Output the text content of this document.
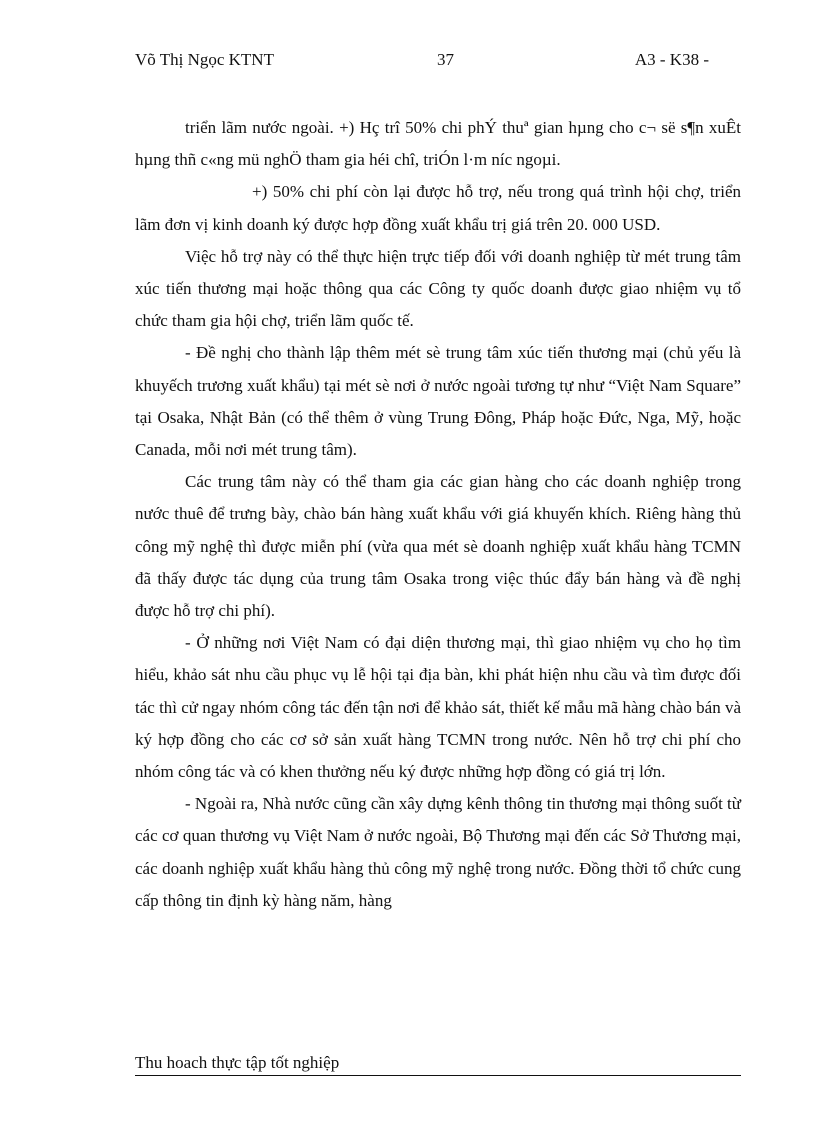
Võ Thị Ngọc KTNT	37	A3 - K38 -

triển lãm nước ngoài. +) Hç trî 50% chi phÝ thuª gian hµng cho c¬ së s¶n xuÊt hµng thñ c«ng mü nghÖ tham gia héi chî, triÓn l·m níc ngoµi.

+) 50% chi phí còn lại được hỗ trợ, nếu trong quá trình hội chợ, triển lãm đơn vị kinh doanh ký được hợp đồng xuất khẩu trị giá trên 20. 000 USD.

Việc hỗ trợ này có thể thực hiện trực tiếp đối với doanh nghiệp từ mét trung tâm xúc tiến thương mại hoặc thông qua các Công ty quốc doanh được giao nhiệm vụ tổ chức tham gia hội chợ, triển lãm quốc tế.

- Đề nghị cho thành lập thêm mét sè trung tâm xúc tiến thương mại (chủ yếu là khuyếch trương xuất khẩu) tại mét sè nơi ở nước ngoài tương tự như “Việt Nam Square” tại Osaka, Nhật Bản (có thể thêm ở vùng Trung Đông, Pháp hoặc Đức, Nga, Mỹ, hoặc Canada, mỗi nơi mét trung tâm).

Các trung tâm này có thể tham gia các gian hàng cho các doanh nghiệp trong nước thuê để trưng bày, chào bán hàng xuất khẩu với giá khuyến khích. Riêng hàng thủ công mỹ nghệ thì được miễn phí (vừa qua mét sè doanh nghiệp xuất khẩu hàng TCMN đã thấy được tác dụng của trung tâm Osaka trong việc thúc đẩy bán hàng và đề nghị được hỗ trợ chi phí).

- Ở những nơi Việt Nam có đại diện thương mại, thì giao nhiệm vụ cho họ tìm hiểu, khảo sát nhu cầu phục vụ lễ hội tại địa bàn, khi phát hiện nhu cầu và tìm được đối tác thì cử ngay nhóm công tác đến tận nơi để khảo sát, thiết kế mẫu mã hàng chào bán và ký hợp đồng cho các cơ sở sản xuất hàng TCMN trong nước. Nên hỗ trợ chi phí cho nhóm công tác và có khen thưởng nếu ký được những hợp đồng có giá trị lớn.

- Ngoài ra, Nhà nước cũng cần xây dựng kênh thông tin thương mại thông suốt từ các cơ quan thương vụ Việt Nam ở nước ngoài, Bộ Thương mại đến các Sở Thương mại, các doanh nghiệp xuất khẩu hàng thủ công mỹ nghệ trong nước. Đồng thời tổ chức cung cấp thông tin định kỳ hàng năm, hàng

Thu hoach thực tập tốt nghiệp
